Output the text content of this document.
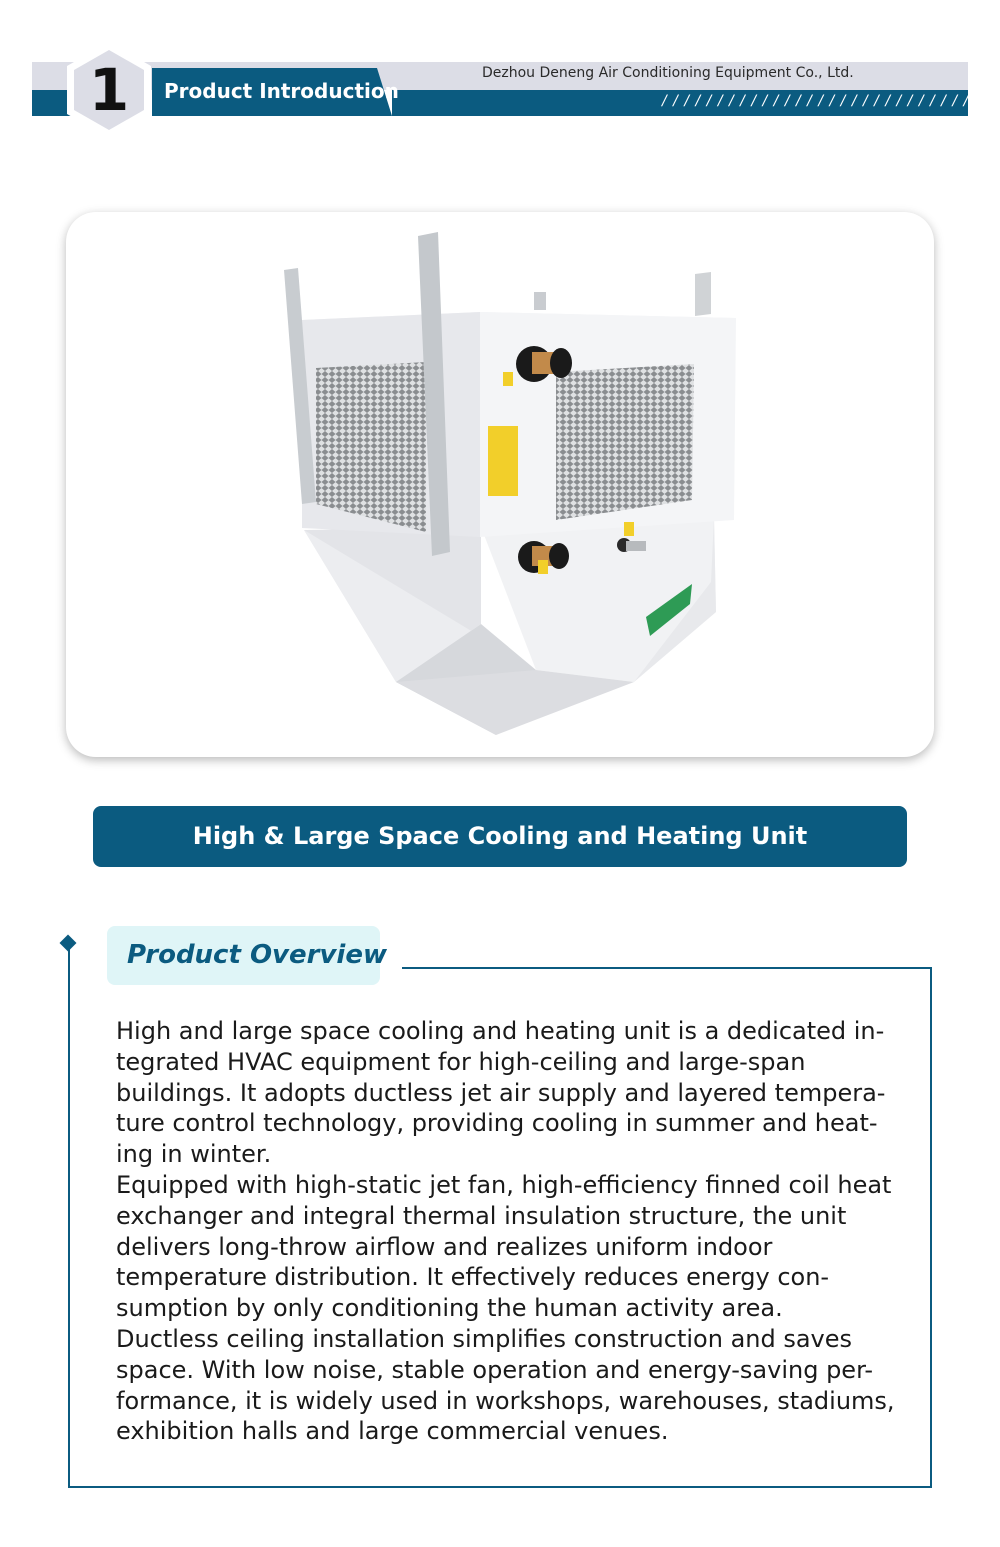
Product Introduction
Dezhou Deneng Air Conditioning Equipment Co., Ltd.
/ / / / / / / / / / / / / / / / / / / / / / / / / / / /
1
High & Large Space Cooling and Heating Unit
Product Overview

High and large space cooling and heating unit is a dedicated in-tegrated HVAC equipment for high-ceiling and large-span buildings. It adopts ductless jet air supply and layered tempera-ture control technology, providing cooling in summer and heat-ing in winter.

Equipped with high-static jet fan, high-efficiency finned coil heat exchanger and integral thermal insulation structure, the unit delivers long-throw airflow and realizes uniform indoor temperature distribution. It effectively reduces energy con-sumption by only conditioning the human activity area.

Ductless ceiling installation simplifies construction and saves space. With low noise, stable operation and energy-saving per-formance, it is widely used in workshops, warehouses, stadiums, exhibition halls and large commercial venues.
